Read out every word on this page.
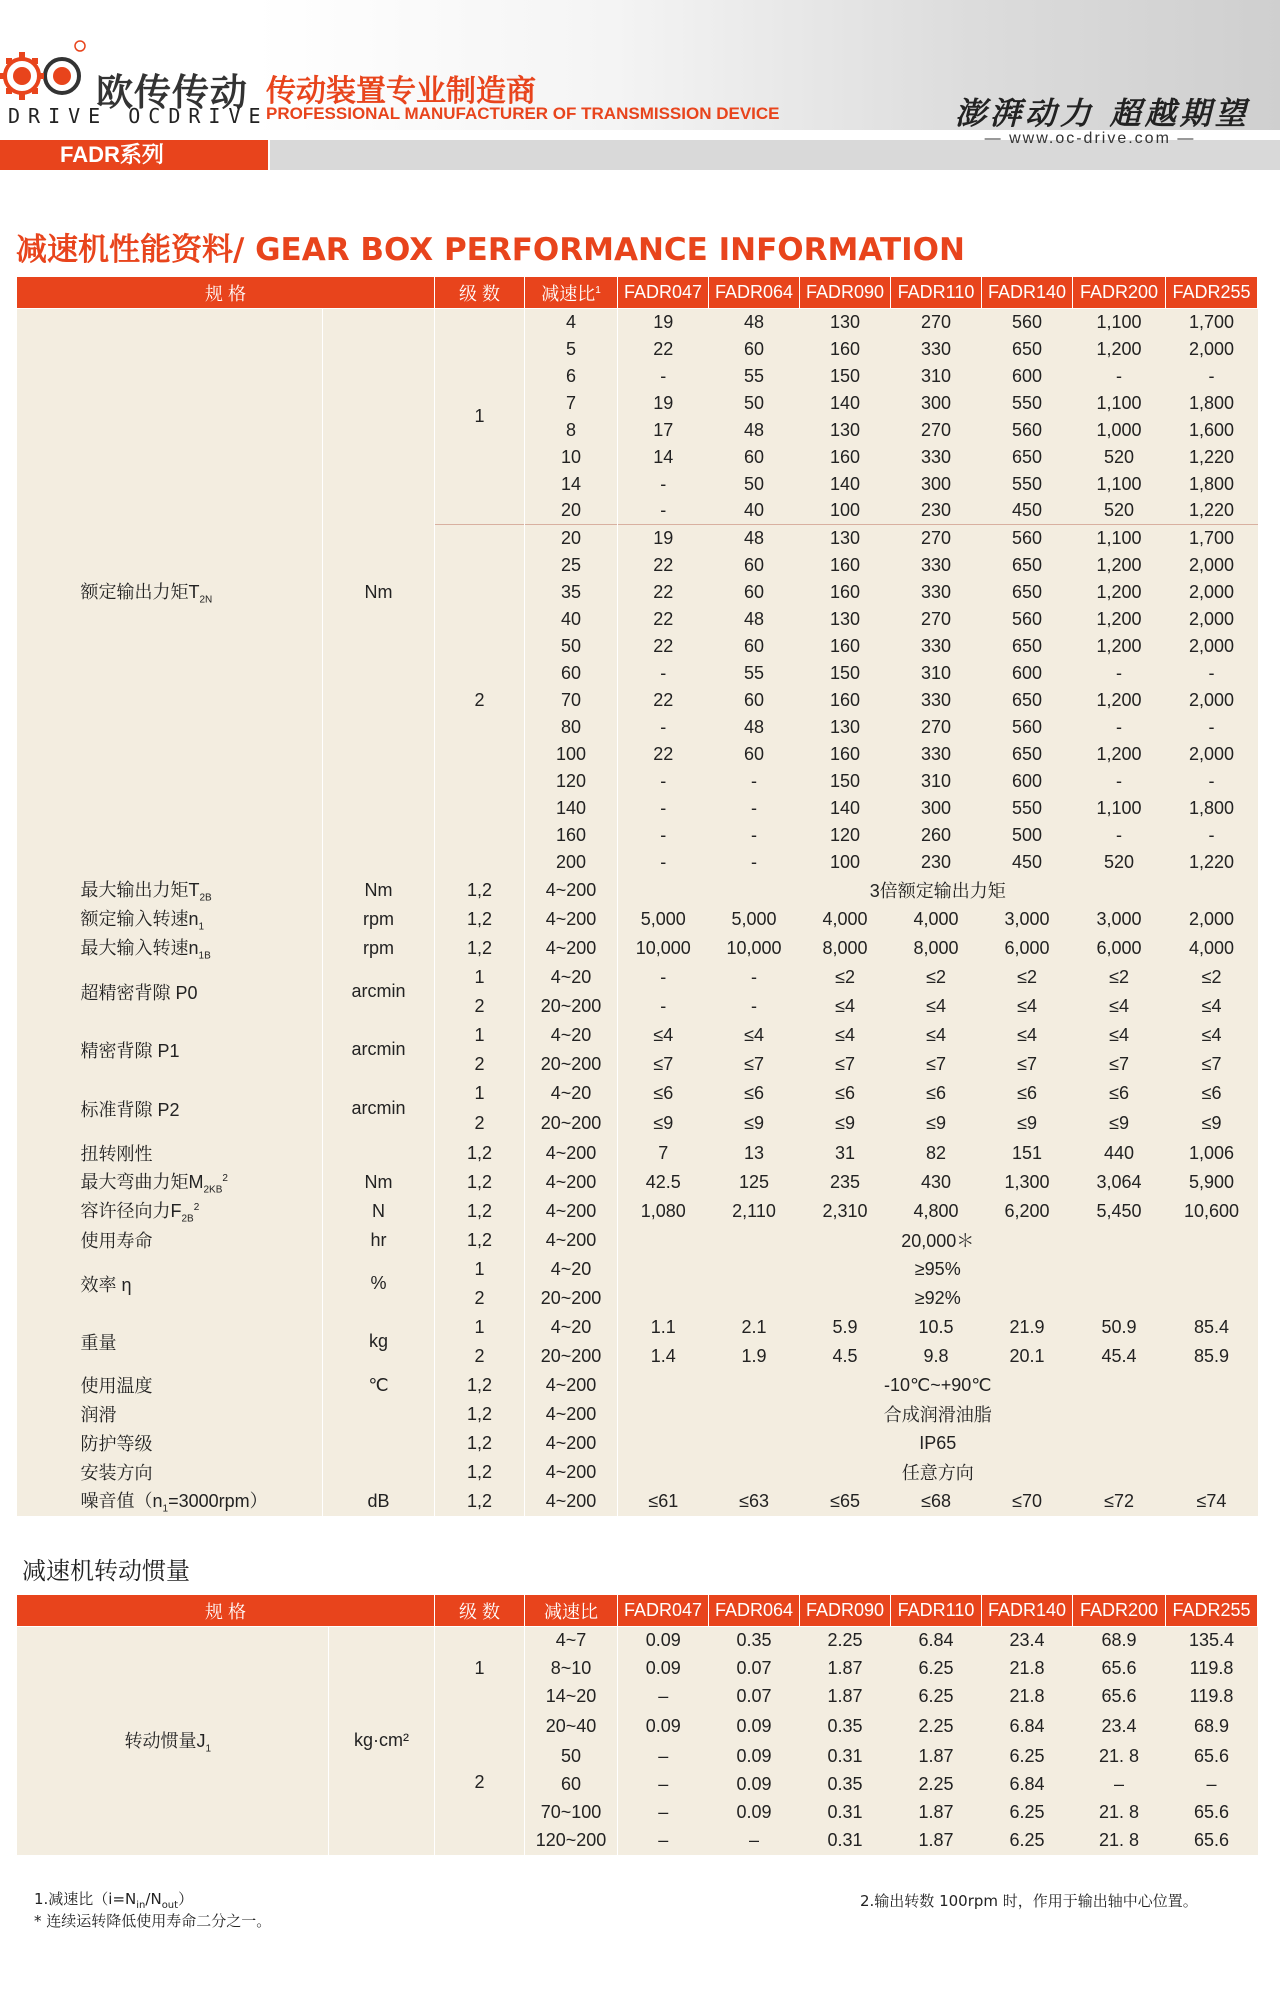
欧传传动
DRIVE OCDRIVE
传动装置专业制造商
PROFESSIONAL MANUFACTURER OF TRANSMISSION DEVICE	澎湃动力 超越期望
— www.oc-drive.com —
FADR系列
减速机性能资料/ GEAR BOX PERFORMANCE INFORMATION
规 格		级 数	减速比$^1$	FADR047	FADR064	FADR090	FADR110	FADR140	FADR200	FADR255
额定输出力矩$T_{2N}$	Nm	1	4	19	48	130	270	560	1,100	1,700
			5	22	60	160	330	650	1,200	2,000
			6	-	55	150	310	600	-	-
			7	19	50	140	300	550	1,100	1,800
			8	17	48	130	270	560	1,000	1,600
			10	14	60	160	330	650	520	1,220
			14	-	50	140	300	550	1,100	1,800
			20	-	40	100	230	450	520	1,220
		2	20	19	48	130	270	560	1,100	1,700
			25	22	60	160	330	650	1,200	2,000
			35	22	60	160	330	650	1,200	2,000
			40	22	48	130	270	560	1,200	2,000
			50	22	60	160	330	650	1,200	2,000
			60	-	55	150	310	600	-	-
			70	22	60	160	330	650	1,200	2,000
			80	-	48	130	270	560	-	-
			100	22	60	160	330	650	1,200	2,000
			120	-	-	150	310	600	-	-
			140	-	-	140	300	550	1,100	1,800
			160	-	-	120	260	500	-	-
			200	-	-	100	230	450	520	1,220
最大输出力矩$T_{2B}$	Nm	1,2	4~200	3倍额定输出力矩						
额定输入转速$n_1$	rpm	1,2	4~200	5,000	5,000	4,000	4,000	3,000	3,000	2,000
最大输入转速$n_{1B}$	rpm	1,2	4~200	10,000	10,000	8,000	8,000	6,000	6,000	4,000
超精密背隙 P0	arcmin	1	4~20	-	-	≤2	≤2	≤2	≤2	≤2
		2	20~200	-	-	≤4	≤4	≤4	≤4	≤4
精密背隙 P1	arcmin	1	4~20	≤4	≤4	≤4	≤4	≤4	≤4	≤4
		2	20~200	≤7	≤7	≤7	≤7	≤7	≤7	≤7
标准背隙 P2	arcmin	1	4~20	≤6	≤6	≤6	≤6	≤6	≤6	≤6
		2	20~200	≤9	≤9	≤9	≤9	≤9	≤9	≤9
扭转刚性		1,2	4~200	7	13	31	82	151	440	1,006
最大弯曲力矩$M_{2KB}^2$	Nm	1,2	4~200	42.5	125	235	430	1,300	3,064	5,900
容许径向力$F_{2B}^2$	N	1,2	4~200	1,080	2,110	2,310	4,800	6,200	5,450	10,600
使用寿命	hr	1,2	4~200	20,000＊						
效率 η	%	1	4~20	≥95%						
		2	20~200	≥92%						
重量	kg	1	4~20	1.1	2.1	5.9	10.5	21.9	50.9	85.4
		2	20~200	1.4	1.9	4.5	9.8	20.1	45.4	85.9
使用温度	℃	1,2	4~200	-10℃~+90℃						
润滑		1,2	4~200	合成润滑油脂						
防护等级		1,2	4~200	IP65						
安装方向		1,2	4~200	任意方向						
噪音值$(n_1=3000rpm)$	dB	1,2	4~200	≤61	≤63	≤65	≤68	≤70	≤72	≤74
减速机转动惯量
规 格		级 数	减速比	FADR047	FADR064	FADR090	FADR110	FADR140	FADR200	FADR255
转动惯量$J_1$	kg·cm²	1	4~7	0.09	0.35	2.25	6.84	23.4	68.9	135.4
			8~10	0.09	0.07	1.87	6.25	21.8	65.6	119.8
			14~20	–	0.07	1.87	6.25	21.8	65.6	119.8
		2	20~40	0.09	0.09	0.35	2.25	6.84	23.4	68.9
			50	–	0.09	0.31	1.87	6.25	21. 8	65.6
			60	–	0.09	0.35	2.25	6.84	–	–
			70~100	–	0.09	0.31	1.87	6.25	21. 8	65.6
			120~200	–	–	0.31	1.87	6.25	21. 8	65.6
1.减速比$(i=N_{in}/N_{out})$
* 连续运转降低使用寿命二分之一。
2.输出转数 100rpm 时，作用于输出轴中心位置。
